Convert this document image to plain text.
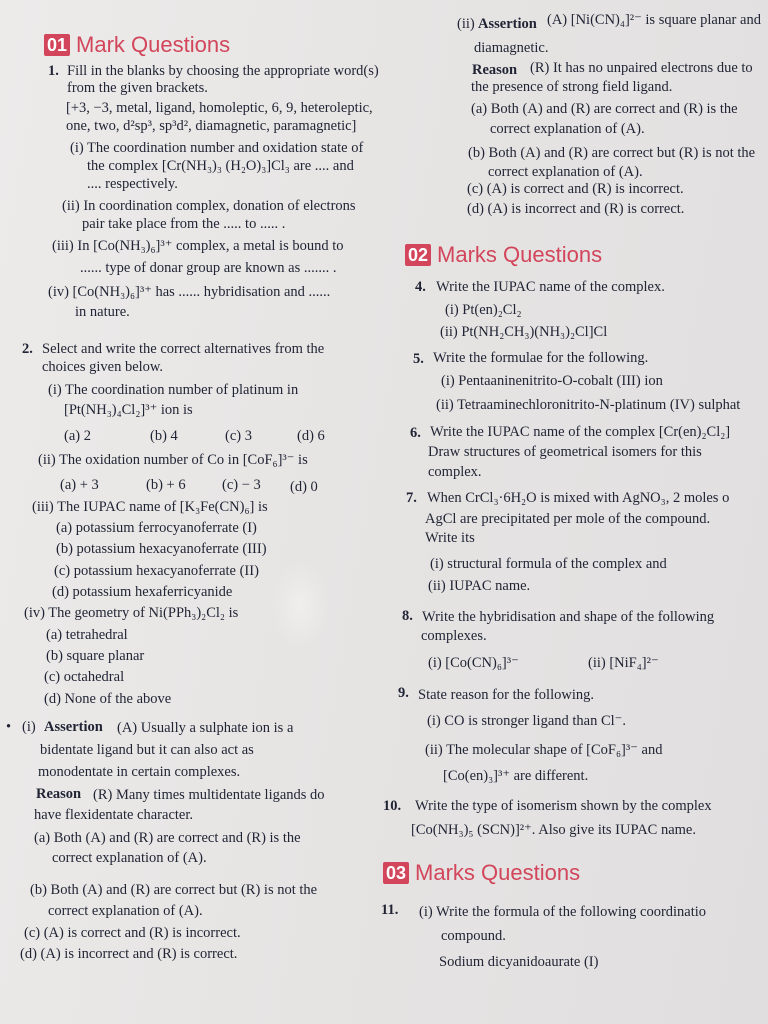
01 Mark Questions
1. Fill in the blanks by choosing the appropriate word(s)
from the given brackets.
[+3, −3, metal, ligand, homoleptic, 6, 9, heteroleptic,
one, two, d²sp³, sp³d², diamagnetic, paramagnetic]
(i) The coordination number and oxidation state of
the complex [Cr(NH₃)₃ (H₂O)₃]Cl₃ are .... and
.... respectively.
(ii) In coordination complex, donation of electrons
pair take place from the ..... to ..... .
(iii) In [Co(NH₃)₆]³⁺ complex, a metal is bound to
...... type of donar group are known as ....... .
(iv) [Co(NH₃)₆]³⁺ has ...... hybridisation and ......
in nature.
2. Select and write the correct alternatives from the
choices given below.
(i) The coordination number of platinum in
[Pt(NH₃)₄Cl₂]³⁺ ion is
(a) 2	(b) 4	(c) 3	(d) 6
(ii) The oxidation number of Co in [CoF₆]³⁻ is
(a) + 3	(b) + 6	(c) − 3 (d) 0
(iii) The IUPAC name of [K₃Fe(CN)₆] is
(a) potassium ferrocyanoferrate (I)
(b) potassium hexacyanoferrate (III)
(c) potassium hexacyanoferrate (II)
(d) potassium hexaferricyanide
(iv) The geometry of Ni(PPh₃)₂Cl₂ is
(a) tetrahedral
(b) square planar
(c) octahedral
(d) None of the above
• (i) Assertion (A) Usually a sulphate ion is a
bidentate ligand but it can also act as
monodentate in certain complexes.
Reason (R) Many times multidentate ligands do
have flexidentate character.
(a) Both (A) and (R) are correct and (R) is the
correct explanation of (A).
(b) Both (A) and (R) are correct but (R) is not the
correct explanation of (A).
(c) (A) is correct and (R) is incorrect.
(d) (A) is incorrect and (R) is correct.
(ii) Assertion (A) [Ni(CN)₄]²⁻ is square planar and
diamagnetic.
Reason (R) It has no unpaired electrons due to
the presence of strong field ligand.
(a) Both (A) and (R) are correct and (R) is the
correct explanation of (A).
(b) Both (A) and (R) are correct but (R) is not the
correct explanation of (A).
(c) (A) is correct and (R) is incorrect.
(d) (A) is incorrect and (R) is correct.
02 Marks Questions
4. Write the IUPAC name of the complex.
(i) Pt(en)₂Cl₂
(ii) Pt(NH₂CH₃)(NH₃)₂Cl]Cl
5. Write the formulae for the following.
(i) Pentaaninenitrito-O-cobalt (III) ion
(ii) Tetraaminechloronitrito-N-platinum (IV) sulphat
6. Write the IUPAC name of the complex [Cr(en)₂Cl₂]
Draw structures of geometrical isomers for this
complex.
7. When CrCl₃·6H₂O is mixed with AgNO₃, 2 moles o
AgCl are precipitated per mole of the compound.
Write its
(i) structural formula of the complex and
(ii) IUPAC name.
8. Write the hybridisation and shape of the following
complexes.
(i) [Co(CN)₆]³⁻	(ii) [NiF₄]²⁻
9. State reason for the following.
(i) CO is stronger ligand than Cl⁻.
(ii) The molecular shape of [CoF₆]³⁻ and
[Co(en)₃]³⁺ are different.
10. Write the type of isomerism shown by the complex
[Co(NH₃)₅ (SCN)]²⁺. Also give its IUPAC name.
03 Marks Questions
11. (i) Write the formula of the following coordinatio
compound.
Sodium dicyanidoaurate (I)
